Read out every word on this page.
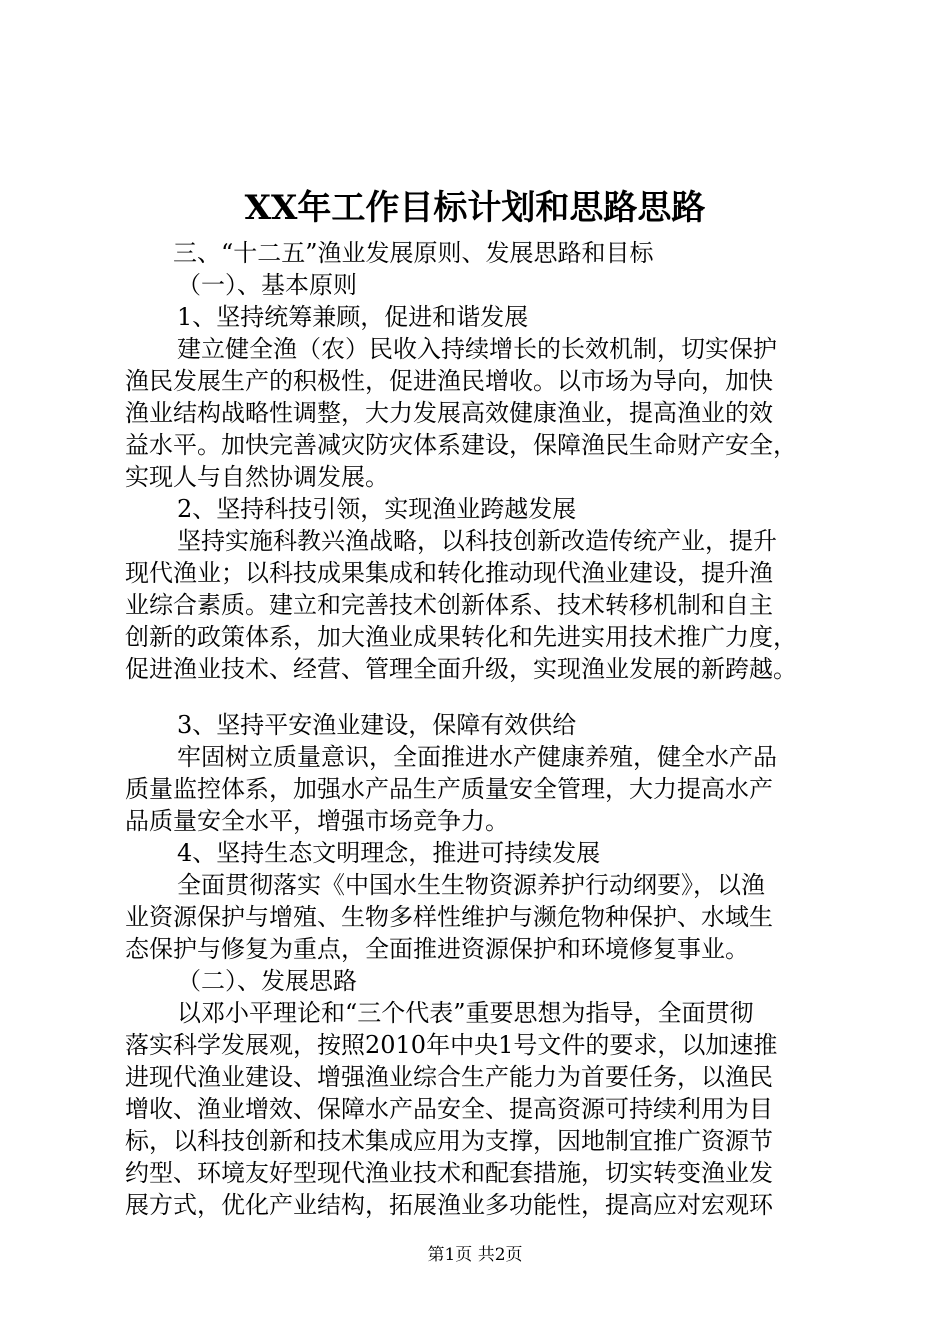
XX年工作目标计划和思路思路
三、“十二五”渔业发展原则、发展思路和目标
（一）、基本原则
1、坚持统筹兼顾，促进和谐发展
建立健全渔（农）民收入持续增长的长效机制，切实保护
渔民发展生产的积极性，促进渔民增收。以市场为导向，加快
渔业结构战略性调整，大力发展高效健康渔业，提高渔业的效
益水平。加快完善减灾防灾体系建设，保障渔民生命财产安全，
实现人与自然协调发展。
2、坚持科技引领，实现渔业跨越发展
坚持实施科教兴渔战略，以科技创新改造传统产业，提升
现代渔业；以科技成果集成和转化推动现代渔业建设，提升渔
业综合素质。建立和完善技术创新体系、技术转移机制和自主
创新的政策体系，加大渔业成果转化和先进实用技术推广力度，
促进渔业技术、经营、管理全面升级，实现渔业发展的新跨越。
3、坚持平安渔业建设，保障有效供给
牢固树立质量意识，全面推进水产健康养殖，健全水产品
质量监控体系，加强水产品生产质量安全管理，大力提高水产
品质量安全水平，增强市场竞争力。
4、坚持生态文明理念，推进可持续发展
全面贯彻落实《中国水生生物资源养护行动纲要》，以渔
业资源保护与增殖、生物多样性维护与濒危物种保护、水域生
态保护与修复为重点，全面推进资源保护和环境修复事业。
（二）、发展思路
以邓小平理论和“三个代表”重要思想为指导，全面贯彻
落实科学发展观，按照2010年中央1号文件的要求，以加速推
进现代渔业建设、增强渔业综合生产能力为首要任务，以渔民
增收、渔业增效、保障水产品安全、提高资源可持续利用为目
标，以科技创新和技术集成应用为支撑，因地制宜推广资源节
约型、环境友好型现代渔业技术和配套措施，切实转变渔业发
展方式，优化产业结构，拓展渔业多功能性，提高应对宏观环
第1页 共2页
